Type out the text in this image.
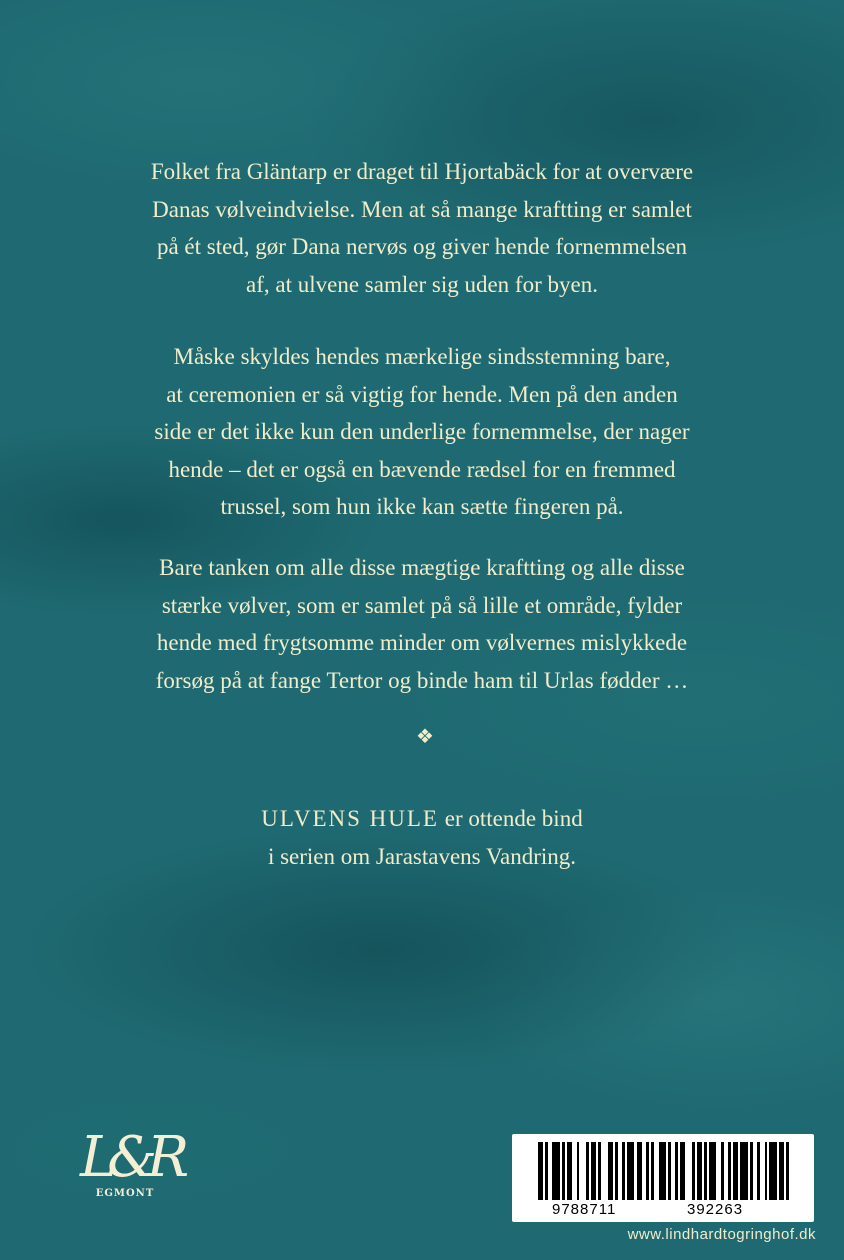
Folket fra Gläntarp er draget til Hjortabäck for at overvære

Danas vølveindvielse. Men at så mange kraftting er samlet

på ét sted, gør Dana nervøs og giver hende fornemmelsen

af, at ulvene samler sig uden for byen.

Måske skyldes hendes mærkelige sindsstemning bare,

at ceremonien er så vigtig for hende. Men på den anden

side er det ikke kun den underlige fornemmelse, der nager

hende – det er også en bævende rædsel for en fremmed

trussel, som hun ikke kan sætte fingeren på.

Bare tanken om alle disse mægtige kraftting og alle disse

stærke vølver, som er samlet på så lille et område, fylder

hende med frygtsomme minder om vølvernes mislykkede

forsøg på at fange Tertor og binde ham til Urlas fødder …

❖

ULVENS HULE er ottende bind

i serien om Jarastavens Vandring.

L&R
EGMONT
9788711	392263
www.lindhardtogringhof.dk
